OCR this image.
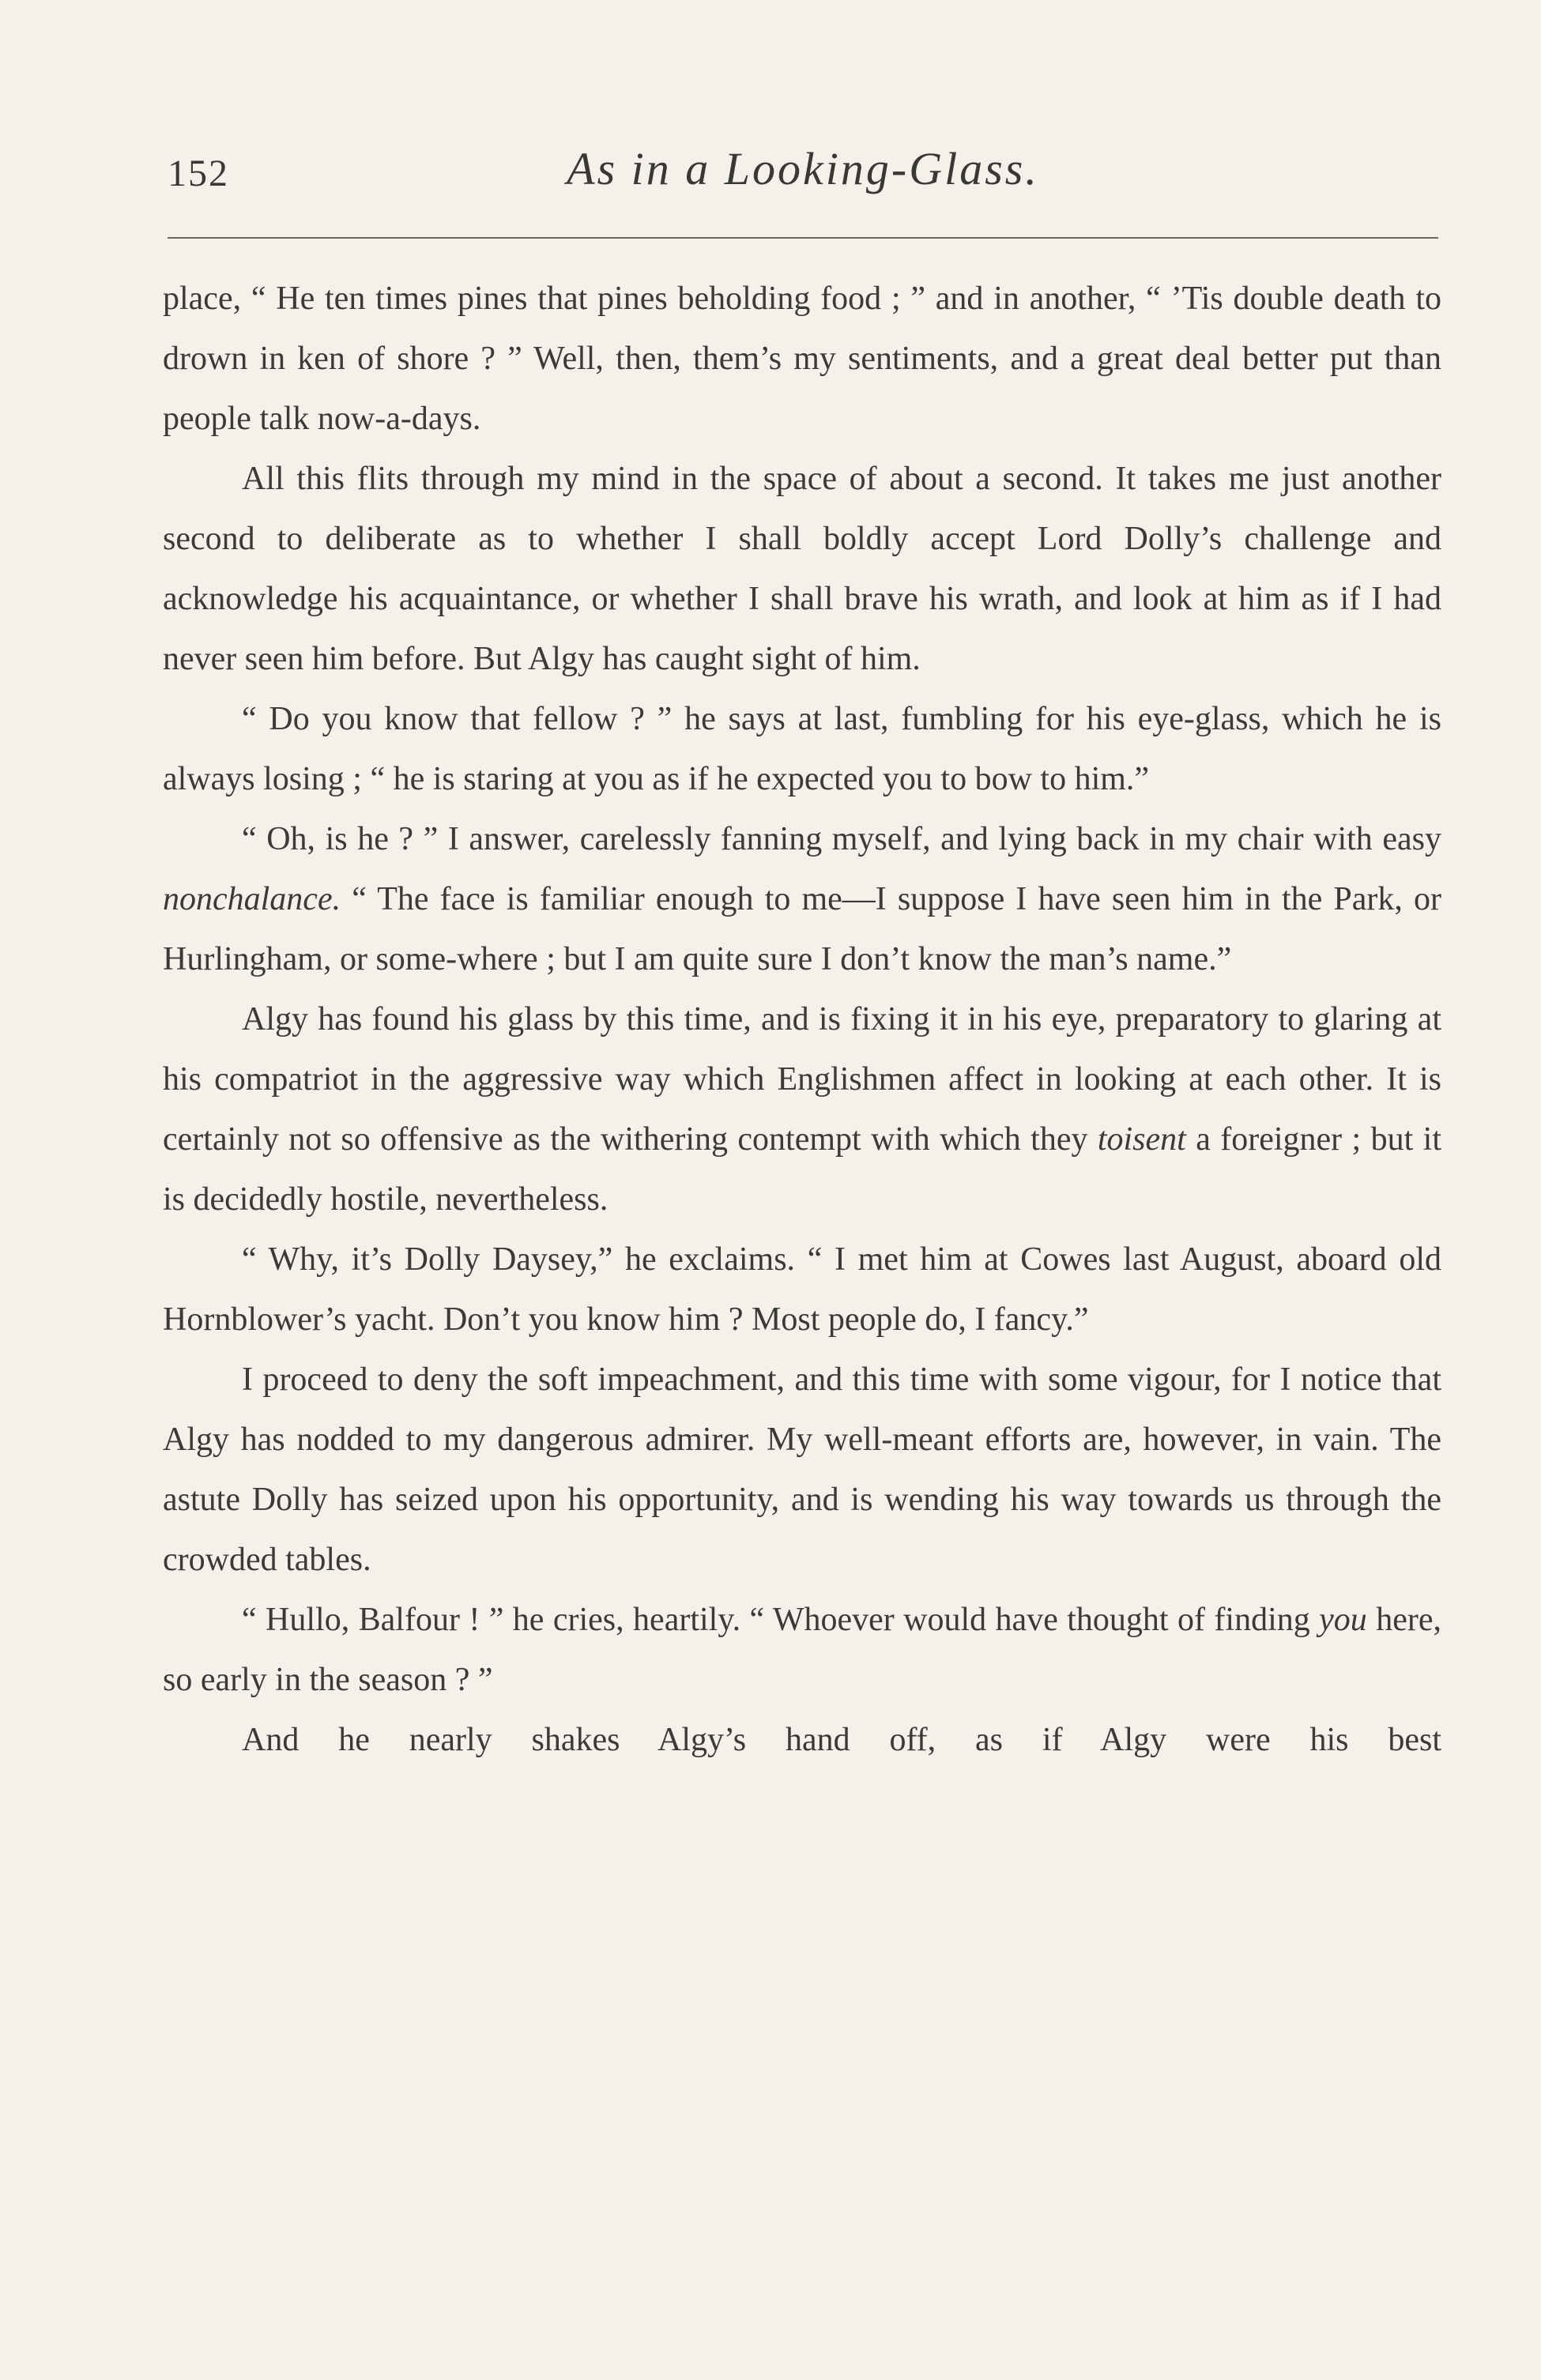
152	As in a Looking-Glass.

place, “ He ten times pines that pines beholding food ; ” and in another, “ ’Tis double death to drown in ken of shore ? ” Well, then, them’s my sentiments, and a great deal better put than people talk now-a-days.

All this flits through my mind in the space of about a second. It takes me just another second to deliberate as to whether I shall boldly accept Lord Dolly’s challenge and acknowledge his acquaintance, or whether I shall brave his wrath, and look at him as if I had never seen him before. But Algy has caught sight of him.

“ Do you know that fellow ? ” he says at last, fumbling for his eye-glass, which he is always losing ; “ he is staring at you as if he expected you to bow to him.”

“ Oh, is he ? ” I answer, carelessly fanning myself, and lying back in my chair with easy nonchalance. “ The face is familiar enough to me—I suppose I have seen him in the Park, or Hurlingham, or some-where ; but I am quite sure I don’t know the man’s name.”

Algy has found his glass by this time, and is fixing it in his eye, preparatory to glaring at his compatriot in the aggressive way which Englishmen affect in looking at each other. It is certainly not so offensive as the withering contempt with which they toisent a foreigner ; but it is decidedly hostile, nevertheless.

“ Why, it’s Dolly Daysey,” he exclaims. “ I met him at Cowes last August, aboard old Hornblower’s yacht. Don’t you know him ? Most people do, I fancy.”

I proceed to deny the soft impeachment, and this time with some vigour, for I notice that Algy has nodded to my dangerous admirer. My well-meant efforts are, however, in vain. The astute Dolly has seized upon his opportunity, and is wending his way towards us through the crowded tables.

“ Hullo, Balfour ! ” he cries, heartily. “ Whoever would have thought of finding you here, so early in the season ? ”

And he nearly shakes Algy’s hand off, as if Algy were his best
